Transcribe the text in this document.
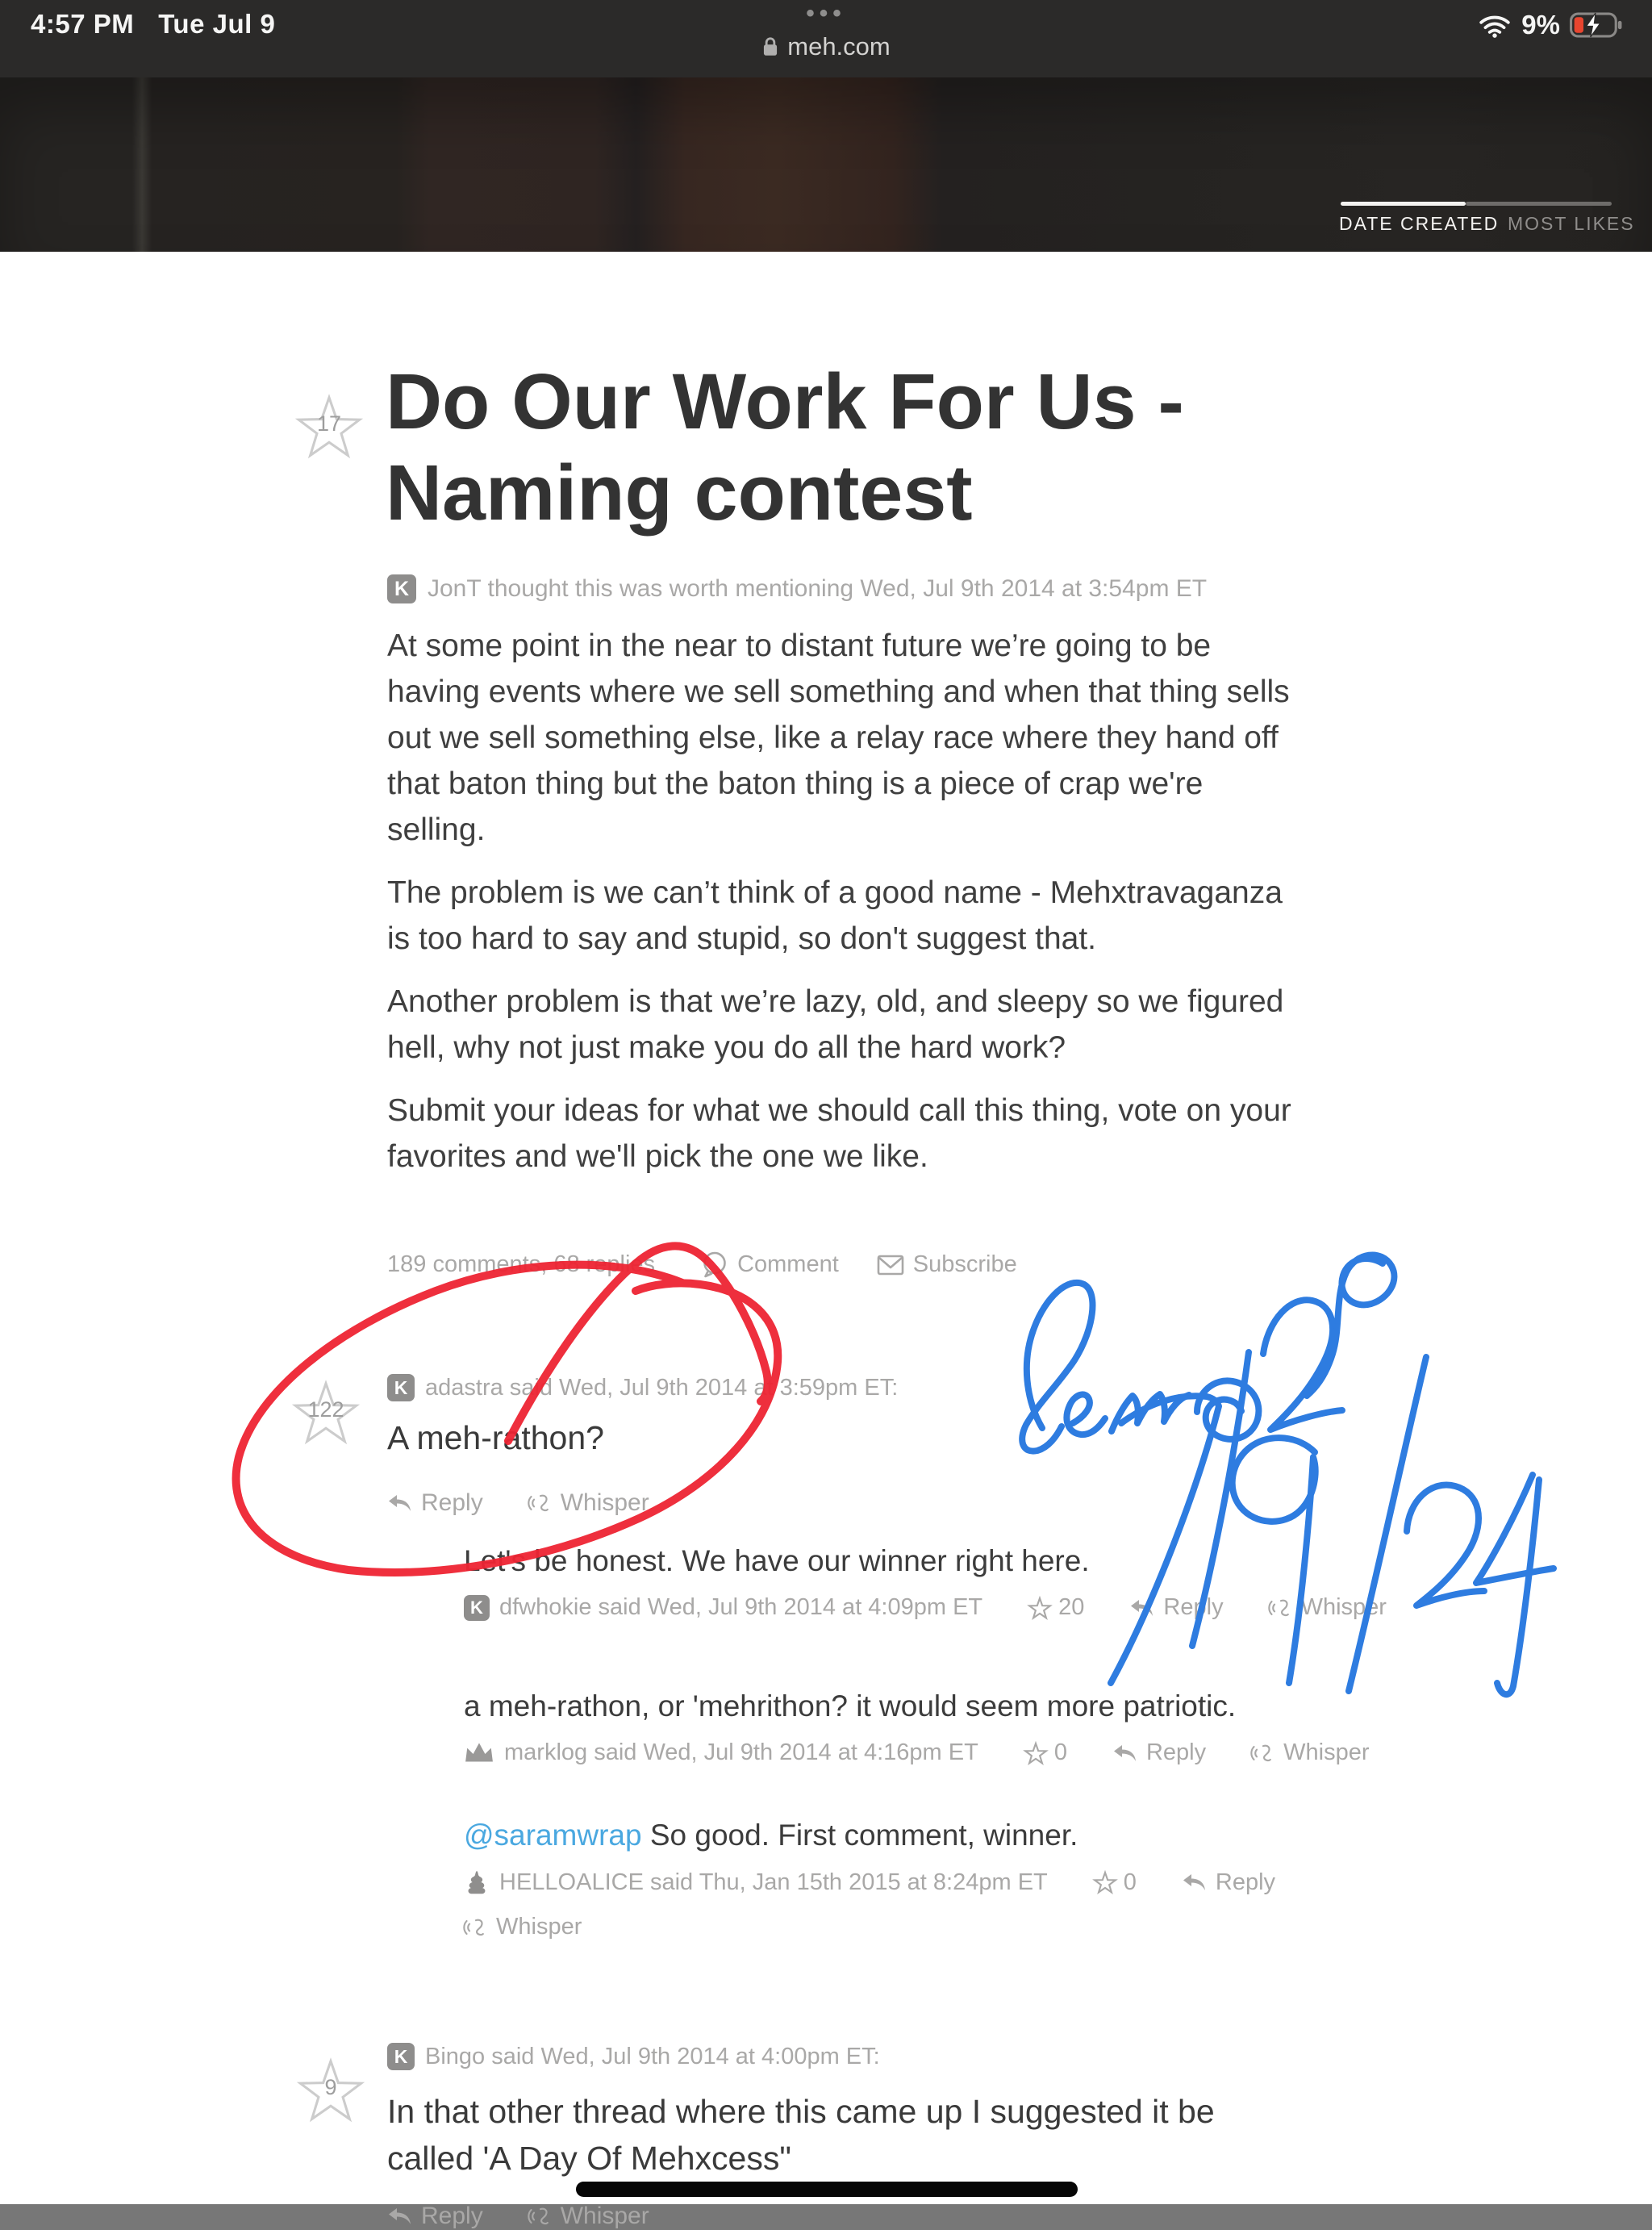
4:57 PM Tue Jul 9	•••
meh.com
9%
DATE CREATED MOST LIKES
17 Do Our Work For Us - Naming contest
K JonT thought this was worth mentioning Wed, Jul 9th 2014 at 3:54pm ET

At some point in the near to distant future we’re going to be having events where we sell something and when that thing sells out we sell something else, like a relay race where they hand off that baton thing but the baton thing is a piece of crap we're selling.

The problem is we can’t think of a good name - Mehxtravaganza is too hard to say and stupid, so don't suggest that.

Another problem is that we’re lazy, old, and sleepy so we figured hell, why not just make you do all the hard work?

Submit your ideas for what we should call this thing, vote on your favorites and we'll pick the one we like.

189 comments, 68 replies	Comment	Subscribe
122
K adastra said Wed, Jul 9th 2014 at 3:59pm ET:
A meh-rathon?
Reply	Whisper
Let's be honest. We have our winner right here.
K dfwhokie said Wed, Jul 9th 2014 at 4:09pm ET	20	Reply	Whisper
a meh-rathon, or 'mehrithon? it would seem more patriotic.
marklog said Wed, Jul 9th 2014 at 4:16pm ET	0	Reply	Whisper
@saramwrap So good. First comment, winner.
HELLOALICE said Thu, Jan 15th 2015 at 8:24pm ET	0	Reply
Whisper
9
K Bingo said Wed, Jul 9th 2014 at 4:00pm ET:
In that other thread where this came up I suggested it be called 'A Day Of Mehxcess"
Reply	Whisper
